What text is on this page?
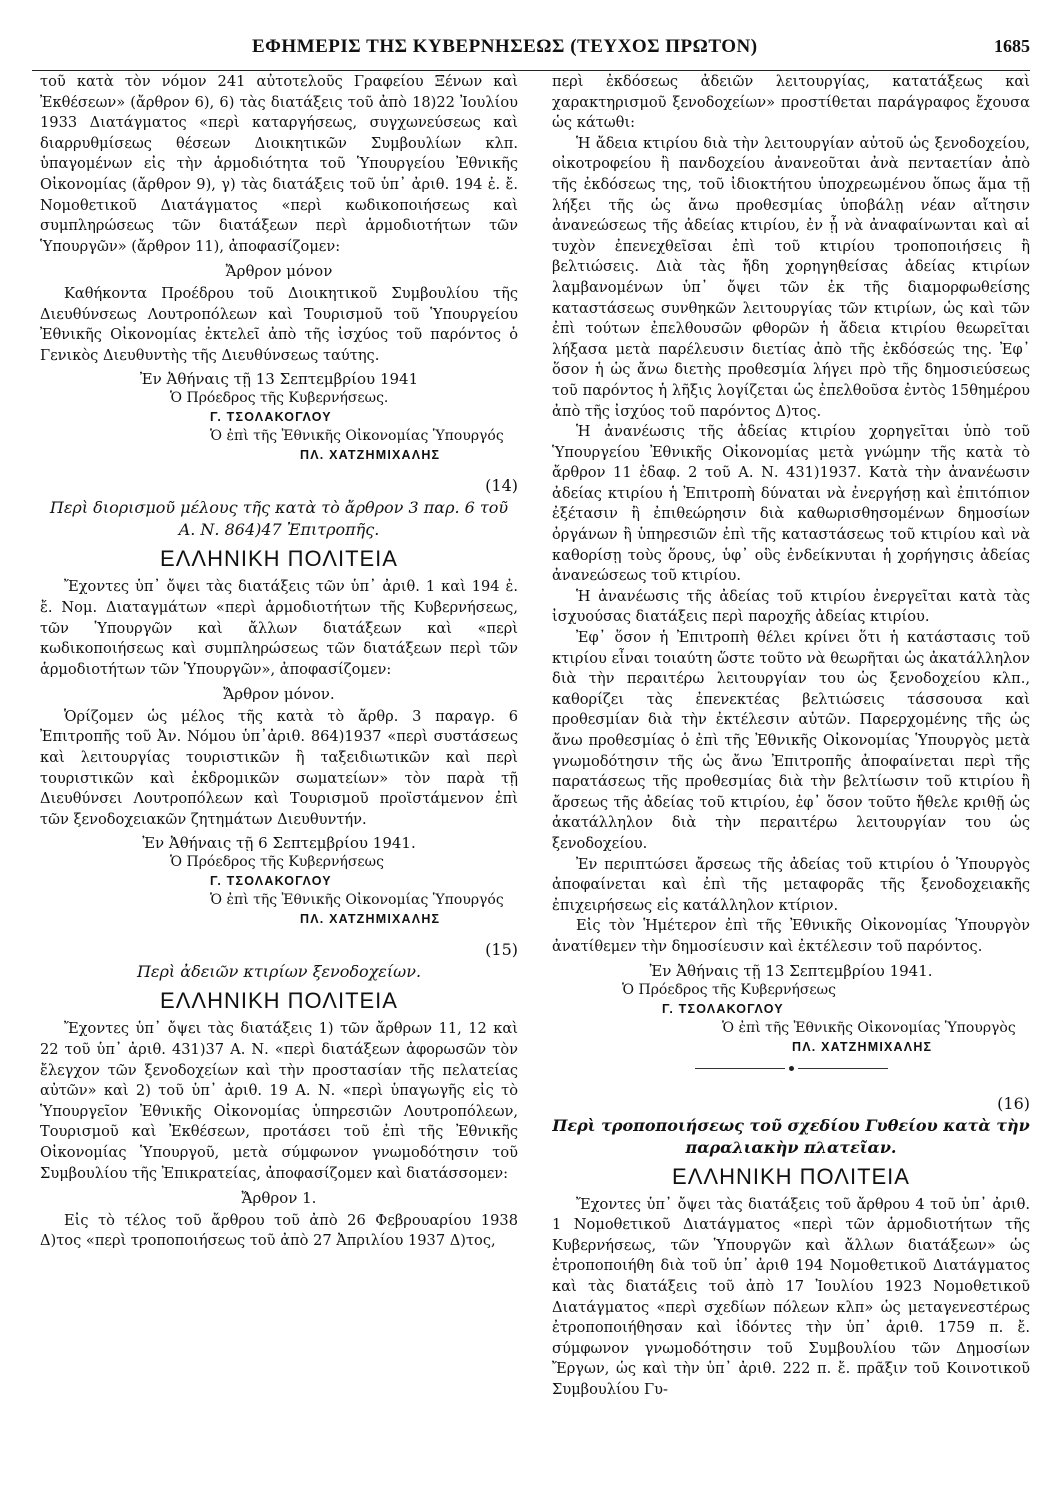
ΕΦΗΜΕΡΙΣ ΤΗΣ ΚΥΒΕΡΝΗΣΕΩΣ (ΤΕΥΧΟΣ ΠΡΩΤΟΝ)	1685

τοῦ κατὰ τὸν νόμον 241 αὐτοτελοῦς Γραφείου Ξένων καὶ Ἐκθέσεων» (ἄρθρον 6), 6) τὰς διατάξεις τοῦ ἀπὸ 18)22 Ἰουλίου 1933 Διατάγματος «περὶ καταργήσεως, συγχωνεύσεως καὶ διαρρυθμίσεως θέσεων Διοικητικῶν Συμβουλίων κλπ. ὑπαγομένων εἰς τὴν ἁρμοδιότητα τοῦ Ὑπουργείου Ἐθνικῆς Οἰκονομίας (ἄρθρον 9), γ) τὰς διατάξεις τοῦ ὑπ᾽ ἀριθ. 194 ἐ. ἔ. Νομοθετικοῦ Διατάγματος «περὶ κωδικοποιήσεως καὶ συμπληρώσεως τῶν διατάξεων περὶ ἁρμοδιοτήτων τῶν Ὑπουργῶν» (ἄρθρον 11), ἀποφασίζομεν:

Ἄρθρον μόνον

Καθήκοντα Προέδρου τοῦ Διοικητικοῦ Συμβουλίου τῆς Διευθύνσεως Λουτροπόλεων καὶ Τουρισμοῦ τοῦ Ὑπουργείου Ἐθνικῆς Οἰκονομίας ἐκτελεῖ ἀπὸ τῆς ἰσχύος τοῦ παρόντος ὁ Γενικὸς Διευθυντὴς τῆς Διευθύνσεως ταύτης.

Ἐν Ἀθήναις τῇ 13 Σεπτεμβρίου 1941

Ὁ Πρόεδρος τῆς Κυβερνήσεως.

Γ. ΤΣΟΛΑΚΟΓΛΟΥ

Ὁ ἐπὶ τῆς Ἐθνικῆς Οἰκονομίας Ὑπουργός

ΠΛ. ΧΑΤΖΗΜΙΧΑΛΗΣ

(14)

Περὶ διορισμοῦ μέλους τῆς κατὰ τὸ ἄρθρον 3 παρ. 6 τοῦ Α. Ν. 864)47 Ἐπιτροπῆς.

ΕΛΛΗΝΙΚΗ ΠΟΛΙΤΕΙΑ

Ἔχοντες ὑπ᾽ ὄψει τὰς διατάξεις τῶν ὑπ᾽ ἀριθ. 1 καὶ 194 ἐ. ἔ. Νομ. Διαταγμάτων «περὶ ἁρμοδιοτήτων τῆς Κυβερνήσεως, τῶν Ὑπουργῶν καὶ ἄλλων διατάξεων καὶ «περὶ κωδικοποιήσεως καὶ συμπληρώσεως τῶν διατάξεων περὶ τῶν ἁρμοδιοτήτων τῶν Ὑπουργῶν», ἀποφασίζομεν:

Ἄρθρον μόνον.

Ὁρίζομεν ὡς μέλος τῆς κατὰ τὸ ἄρθρ. 3 παραγρ. 6 Ἐπιτροπῆς τοῦ Ἀν. Νόμου ὑπ᾽ἀριθ. 864)1937 «περὶ συστάσεως καὶ λειτουργίας τουριστικῶν ἢ ταξειδιωτικῶν καὶ περὶ τουριστικῶν καὶ ἐκδρομικῶν σωματείων» τὸν παρὰ τῇ Διευθύνσει Λουτροπόλεων καὶ Τουρισμοῦ προϊστάμενον ἐπὶ τῶν ξενοδοχειακῶν ζητημάτων Διευθυντήν.

Ἐν Ἀθήναις τῇ 6 Σεπτεμβρίου 1941.

Ὁ Πρόεδρος τῆς Κυβερνήσεως

Γ. ΤΣΟΛΑΚΟΓΛΟΥ

Ὁ ἐπὶ τῆς Ἐθνικῆς Οἰκονομίας Ὑπουργός

ΠΛ. ΧΑΤΖΗΜΙΧΑΛΗΣ

(15)

Περὶ ἀδειῶν κτιρίων ξενοδοχείων.

ΕΛΛΗΝΙΚΗ ΠΟΛΙΤΕΙΑ

Ἔχοντες ὑπ᾽ ὄψει τὰς διατάξεις 1) τῶν ἄρθρων 11, 12 καὶ 22 τοῦ ὑπ᾽ ἀριθ. 431)37 Α. Ν. «περὶ διατάξεων ἀφορωσῶν τὸν ἔλεγχον τῶν ξενοδοχείων καὶ τὴν προστασίαν τῆς πελατείας αὐτῶν» καὶ 2) τοῦ ὑπ᾽ ἀριθ. 19 Α. Ν. «περὶ ὑπαγωγῆς εἰς τὸ Ὑπουργεῖον Ἐθνικῆς Οἰκονομίας ὑπηρεσιῶν Λουτροπόλεων, Τουρισμοῦ καὶ Ἐκθέσεων, προτάσει τοῦ ἐπὶ τῆς Ἐθνικῆς Οἰκονομίας Ὑπουργοῦ, μετὰ σύμφωνον γνωμοδότησιν τοῦ Συμβουλίου τῆς Ἐπικρατείας, ἀποφασίζομεν καὶ διατάσσομεν:

Ἄρθρον 1.

Εἰς τὸ τέλος τοῦ ἄρθρου τοῦ ἀπὸ 26 Φεβρουαρίου 1938 Δ)τος «περὶ τροποποιήσεως τοῦ ἀπὸ 27 Ἀπριλίου 1937 Δ)τος,

περὶ ἐκδόσεως ἀδειῶν λειτουργίας, κατατάξεως καὶ χαρακτηρισμοῦ ξενοδοχείων» προστίθεται παράγραφος ἔχουσα ὡς κάτωθι:

Ἡ ἄδεια κτιρίου διὰ τὴν λειτουργίαν αὐτοῦ ὡς ξενοδοχείου, οἰκοτροφείου ἢ πανδοχείου ἀνανεοῦται ἀνὰ πενταετίαν ἀπὸ τῆς ἐκδόσεως της, τοῦ ἰδιοκτήτου ὑποχρεωμένου ὅπως ἅμα τῇ λήξει τῆς ὡς ἄνω προθεσμίας ὑποβάλῃ νέαν αἴτησιν ἀνανεώσεως τῆς ἀδείας κτιρίου, ἐν ᾗ νὰ ἀναφαίνωνται καὶ αἱ τυχὸν ἐπενεχθεῖσαι ἐπὶ τοῦ κτιρίου τροποποιήσεις ἢ βελτιώσεις. Διὰ τὰς ἤδη χορηγηθείσας ἀδείας κτιρίων λαμβανομένων ὑπ᾽ ὄψει τῶν ἐκ τῆς διαμορφωθείσης καταστάσεως συνθηκῶν λειτουργίας τῶν κτιρίων, ὡς καὶ τῶν ἐπὶ τούτων ἐπελθουσῶν φθορῶν ἡ ἄδεια κτιρίου θεωρεῖται λήξασα μετὰ παρέλευσιν διετίας ἀπὸ τῆς ἐκδόσεώς της. Ἐφ᾽ ὅσον ἡ ὡς ἄνω διετὴς προθεσμία λήγει πρὸ τῆς δημοσιεύσεως τοῦ παρόντος ἡ λῆξις λογίζεται ὡς ἐπελθοῦσα ἐντὸς 15θημέρου ἀπὸ τῆς ἰσχύος τοῦ παρόντος Δ)τος.

Ἡ ἀνανέωσις τῆς ἀδείας κτιρίου χορηγεῖται ὑπὸ τοῦ Ὑπουργείου Ἐθνικῆς Οἰκονομίας μετὰ γνώμην τῆς κατὰ τὸ ἄρθρον 11 ἐδαφ. 2 τοῦ Α. Ν. 431)1937. Κατὰ τὴν ἀνανέωσιν ἀδείας κτιρίου ἡ Ἐπιτροπὴ δύναται νὰ ἐνεργήσῃ καὶ ἐπιτόπιον ἐξέτασιν ἢ ἐπιθεώρησιν διὰ καθωρισθησομένων δημοσίων ὀργάνων ἢ ὑπηρεσιῶν ἐπὶ τῆς καταστάσεως τοῦ κτιρίου καὶ νὰ καθορίσῃ τοὺς ὅρους, ὑφ᾽ οὓς ἐνδείκνυται ἡ χορήγησις ἀδείας ἀνανεώσεως τοῦ κτιρίου.

Ἡ ἀνανέωσις τῆς ἀδείας τοῦ κτιρίου ἐνεργεῖται κατὰ τὰς ἰσχυούσας διατάξεις περὶ παροχῆς ἀδείας κτιρίου.

Ἐφ᾽ ὅσον ἡ Ἐπιτροπὴ θέλει κρίνει ὅτι ἡ κατάστασις τοῦ κτιρίου εἶναι τοιαύτη ὥστε τοῦτο νὰ θεωρῆται ὡς ἀκατάλληλον διὰ τὴν περαιτέρω λειτουργίαν του ὡς ξενοδοχείου κλπ., καθορίζει τὰς ἐπενεκτέας βελτιώσεις τάσσουσα καὶ προθεσμίαν διὰ τὴν ἐκτέλεσιν αὐτῶν. Παρερχομένης τῆς ὡς ἄνω προθεσμίας ὁ ἐπὶ τῆς Ἐθνικῆς Οἰκονομίας Ὑπουργὸς μετὰ γνωμοδότησιν τῆς ὡς ἄνω Ἐπιτροπῆς ἀποφαίνεται περὶ τῆς παρατάσεως τῆς προθεσμίας διὰ τὴν βελτίωσιν τοῦ κτιρίου ἢ ἄρσεως τῆς ἀδείας τοῦ κτιρίου, ἐφ᾽ ὅσον τοῦτο ἤθελε κριθῇ ὡς ἀκατάλληλον διὰ τὴν περαιτέρω λειτουργίαν του ὡς ξενοδοχείου.

Ἐν περιπτώσει ἄρσεως τῆς ἀδείας τοῦ κτιρίου ὁ Ὑπουργὸς ἀποφαίνεται καὶ ἐπὶ τῆς μεταφορᾶς τῆς ξενοδοχειακῆς ἐπιχειρήσεως εἰς κατάλληλον κτίριον.

Εἰς τὸν Ἡμέτερον ἐπὶ τῆς Ἐθνικῆς Οἰκονομίας Ὑπουργὸν ἀνατίθεμεν τὴν δημοσίευσιν καὶ ἐκτέλεσιν τοῦ παρόντος.

Ἐν Ἀθήναις τῇ 13 Σεπτεμβρίου 1941.

Ὁ Πρόεδρος τῆς Κυβερνήσεως

Γ. ΤΣΟΛΑΚΟΓΛΟΥ

Ὁ ἐπὶ τῆς Ἐθνικῆς Οἰκονομίας Ὑπουργὸς

ΠΛ. ΧΑΤΖΗΜΙΧΑΛΗΣ

(16)

Περὶ τροποποιήσεως τοῦ σχεδίου Γυθείου κατὰ τὴν παραλιακὴν πλατεῖαν.

ΕΛΛΗΝΙΚΗ ΠΟΛΙΤΕΙΑ

Ἔχοντες ὑπ᾽ ὄψει τὰς διατάξεις τοῦ ἄρθρου 4 τοῦ ὑπ᾽ ἀριθ. 1 Νομοθετικοῦ Διατάγματος «περὶ τῶν ἁρμοδιοτήτων τῆς Κυβερνήσεως, τῶν Ὑπουργῶν καὶ ἄλλων διατάξεων» ὡς ἐτροποποιήθη διὰ τοῦ ὑπ᾽ ἀριθ 194 Νομοθετικοῦ Διατάγματος καὶ τὰς διατάξεις τοῦ ἀπὸ 17 Ἰουλίου 1923 Νομοθετικοῦ Διατάγματος «περὶ σχεδίων πόλεων κλπ» ὡς μεταγενεστέρως ἐτροποποιήθησαν καὶ ἰδόντες τὴν ὑπ᾽ ἀριθ. 1759 π. ἔ. σύμφωνον γνωμοδότησιν τοῦ Συμβουλίου τῶν Δημοσίων Ἔργων, ὡς καὶ τὴν ὑπ᾽ ἀριθ. 222 π. ἔ. πρᾶξιν τοῦ Κοινοτικοῦ Συμβουλίου Γυ-
